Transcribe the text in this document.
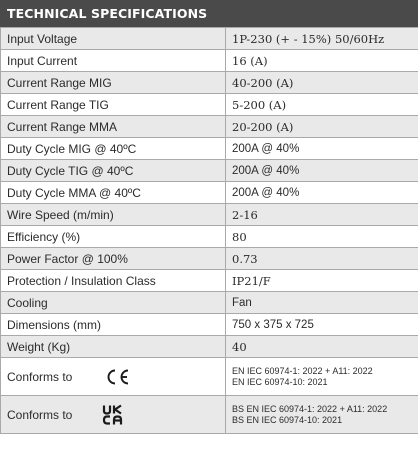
TECHNICAL SPECIFICATIONS
Input Voltage	1P-230 (+ - 15%) 50/60Hz
Input Current	16 (A)
Current Range MIG	40-200 (A)
Current Range TIG	5-200 (A)
Current Range MMA	20-200 (A)
Duty Cycle MIG @ 40ºC	200A @ 40%
Duty Cycle TIG @ 40ºC	200A @ 40%
Duty Cycle MMA @ 40ºC	200A @ 40%
Wire Speed (m/min)	2-16
Efficiency (%)	80
Power Factor @ 100%	0.73
Protection / Insulation Class	IP21/F
Cooling	Fan
Dimensions (mm)	750 x 375 x 725
Weight (Kg)	40

Conforms to	EN IEC 60974-1: 2022 + A11: 2022
EN IEC 60974-10: 2021

Conforms to	BS EN IEC 60974-1: 2022 + A11: 2022
BS EN IEC 60974-10: 2021
